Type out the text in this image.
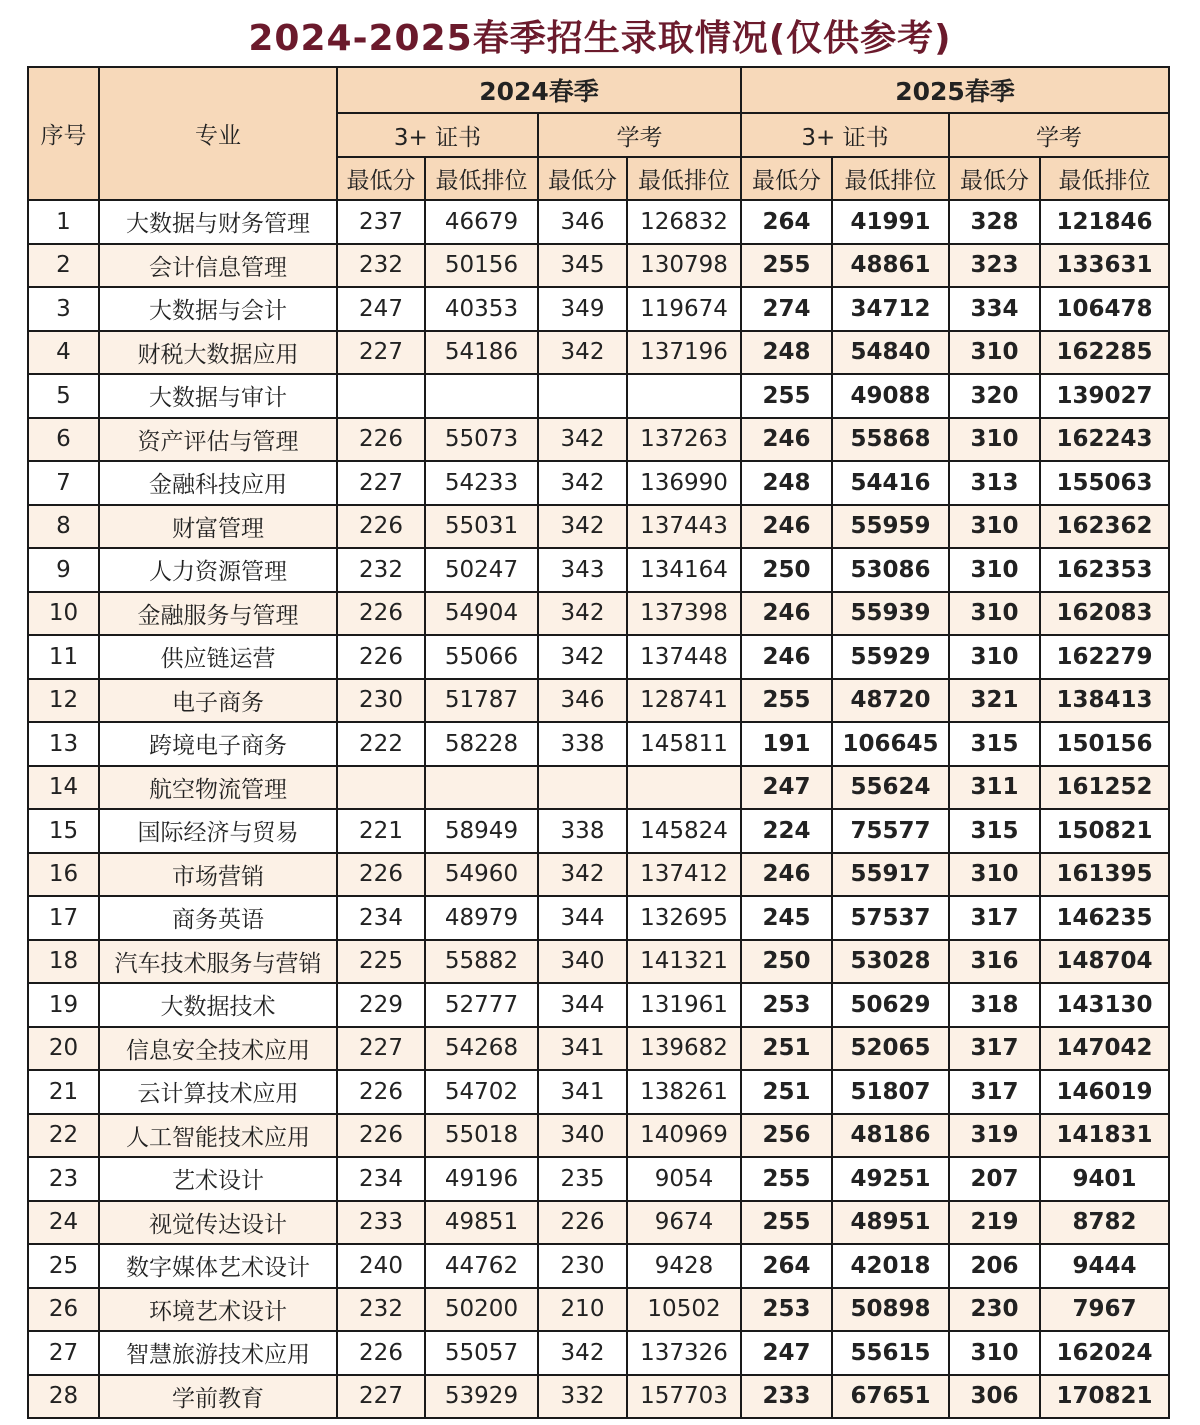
2024-2025春季招生录取情况(仅供参考)
序号	专业	2024春季				2025春季			
		3+ 证书		学考		3+ 证书		学考	
		最低分	最低排位	最低分	最低排位	最低分	最低排位	最低分	最低排位
1	大数据与财务管理	237	46679	346	126832	264	41991	328	121846
2	会计信息管理	232	50156	345	130798	255	48861	323	133631
3	大数据与会计	247	40353	349	119674	274	34712	334	106478
4	财税大数据应用	227	54186	342	137196	248	54840	310	162285
5	大数据与审计					255	49088	320	139027
6	资产评估与管理	226	55073	342	137263	246	55868	310	162243
7	金融科技应用	227	54233	342	136990	248	54416	313	155063
8	财富管理	226	55031	342	137443	246	55959	310	162362
9	人力资源管理	232	50247	343	134164	250	53086	310	162353
10	金融服务与管理	226	54904	342	137398	246	55939	310	162083
11	供应链运营	226	55066	342	137448	246	55929	310	162279
12	电子商务	230	51787	346	128741	255	48720	321	138413
13	跨境电子商务	222	58228	338	145811	191	106645	315	150156
14	航空物流管理					247	55624	311	161252
15	国际经济与贸易	221	58949	338	145824	224	75577	315	150821
16	市场营销	226	54960	342	137412	246	55917	310	161395
17	商务英语	234	48979	344	132695	245	57537	317	146235
18	汽车技术服务与营销	225	55882	340	141321	250	53028	316	148704
19	大数据技术	229	52777	344	131961	253	50629	318	143130
20	信息安全技术应用	227	54268	341	139682	251	52065	317	147042
21	云计算技术应用	226	54702	341	138261	251	51807	317	146019
22	人工智能技术应用	226	55018	340	140969	256	48186	319	141831
23	艺术设计	234	49196	235	9054	255	49251	207	9401
24	视觉传达设计	233	49851	226	9674	255	48951	219	8782
25	数字媒体艺术设计	240	44762	230	9428	264	42018	206	9444
26	环境艺术设计	232	50200	210	10502	253	50898	230	7967
27	智慧旅游技术应用	226	55057	342	137326	247	55615	310	162024
28	学前教育	227	53929	332	157703	233	67651	306	170821
